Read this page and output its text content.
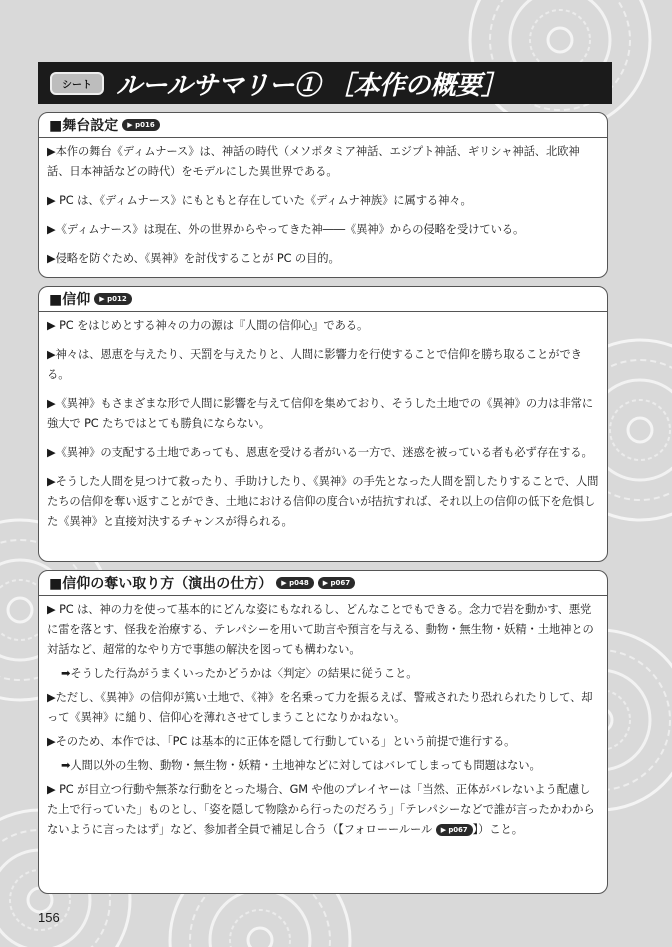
シート ルールサマリー① ［本作の概要］
■舞台設定	▶ p016

▶本作の舞台《ディムナース》は、神話の時代（メソポタミア神話、エジプト神話、ギリシャ神話、北欧神話、日本神話などの時代）をモデルにした異世界である。

▶ PC は、《ディムナース》にもともと存在していた《ディムナ神族》に属する神々。

▶《ディムナース》は現在、外の世界からやってきた神――《異神》からの侵略を受けている。

▶侵略を防ぐため、《異神》を討伐することが PC の目的。

■信仰	▶ p012

▶ PC をはじめとする神々の力の源は『人間の信仰心』である。

▶神々は、恩恵を与えたり、天罰を与えたりと、人間に影響力を行使することで信仰を勝ち取ることができる。

▶《異神》もさまざまな形で人間に影響を与えて信仰を集めており、そうした土地での《異神》の力は非常に強大で PC たちではとても勝負にならない。

▶《異神》の支配する土地であっても、恩恵を受ける者がいる一方で、迷惑を被っている者も必ず存在する。

▶そうした人間を見つけて救ったり、手助けしたり、《異神》の手先となった人間を罰したりすることで、人間たちの信仰を奪い返すことができ、土地における信仰の度合いが拮抗すれば、それ以上の信仰の低下を危惧した《異神》と直接対決するチャンスが得られる。

■信仰の奪い取り方（演出の仕方）	▶ p048	▶ p067

▶ PC は、神の力を使って基本的にどんな姿にもなれるし、どんなことでもできる。念力で岩を動かす、悪党に雷を落とす、怪我を治療する、テレパシーを用いて助言や預言を与える、動物・無生物・妖精・土地神との対話など、超常的なやり方で事態の解決を図っても構わない。

➡そうした行為がうまくいったかどうかは〈判定〉の結果に従うこと。

▶ただし、《異神》の信仰が篤い土地で、《神》を名乗って力を振るえば、警戒されたり恐れられたりして、却って《異神》に縋り、信仰心を薄れさせてしまうことになりかねない。

▶そのため、本作では、「PC は基本的に正体を隠して行動している」という前提で進行する。

➡人間以外の生物、動物・無生物・妖精・土地神などに対してはバレてしまっても問題はない。

▶ PC が目立つ行動や無茶な行動をとった場合、GM や他のプレイヤーは「当然、正体がバレないよう配慮した上で行っていた」ものとし、「姿を隠して物陰から行ったのだろう」「テレパシーなどで誰が言ったかわからないように言ったはず」など、参加者全員で補足し合う（【フォローールール ▶ p067 】）こと。

156
